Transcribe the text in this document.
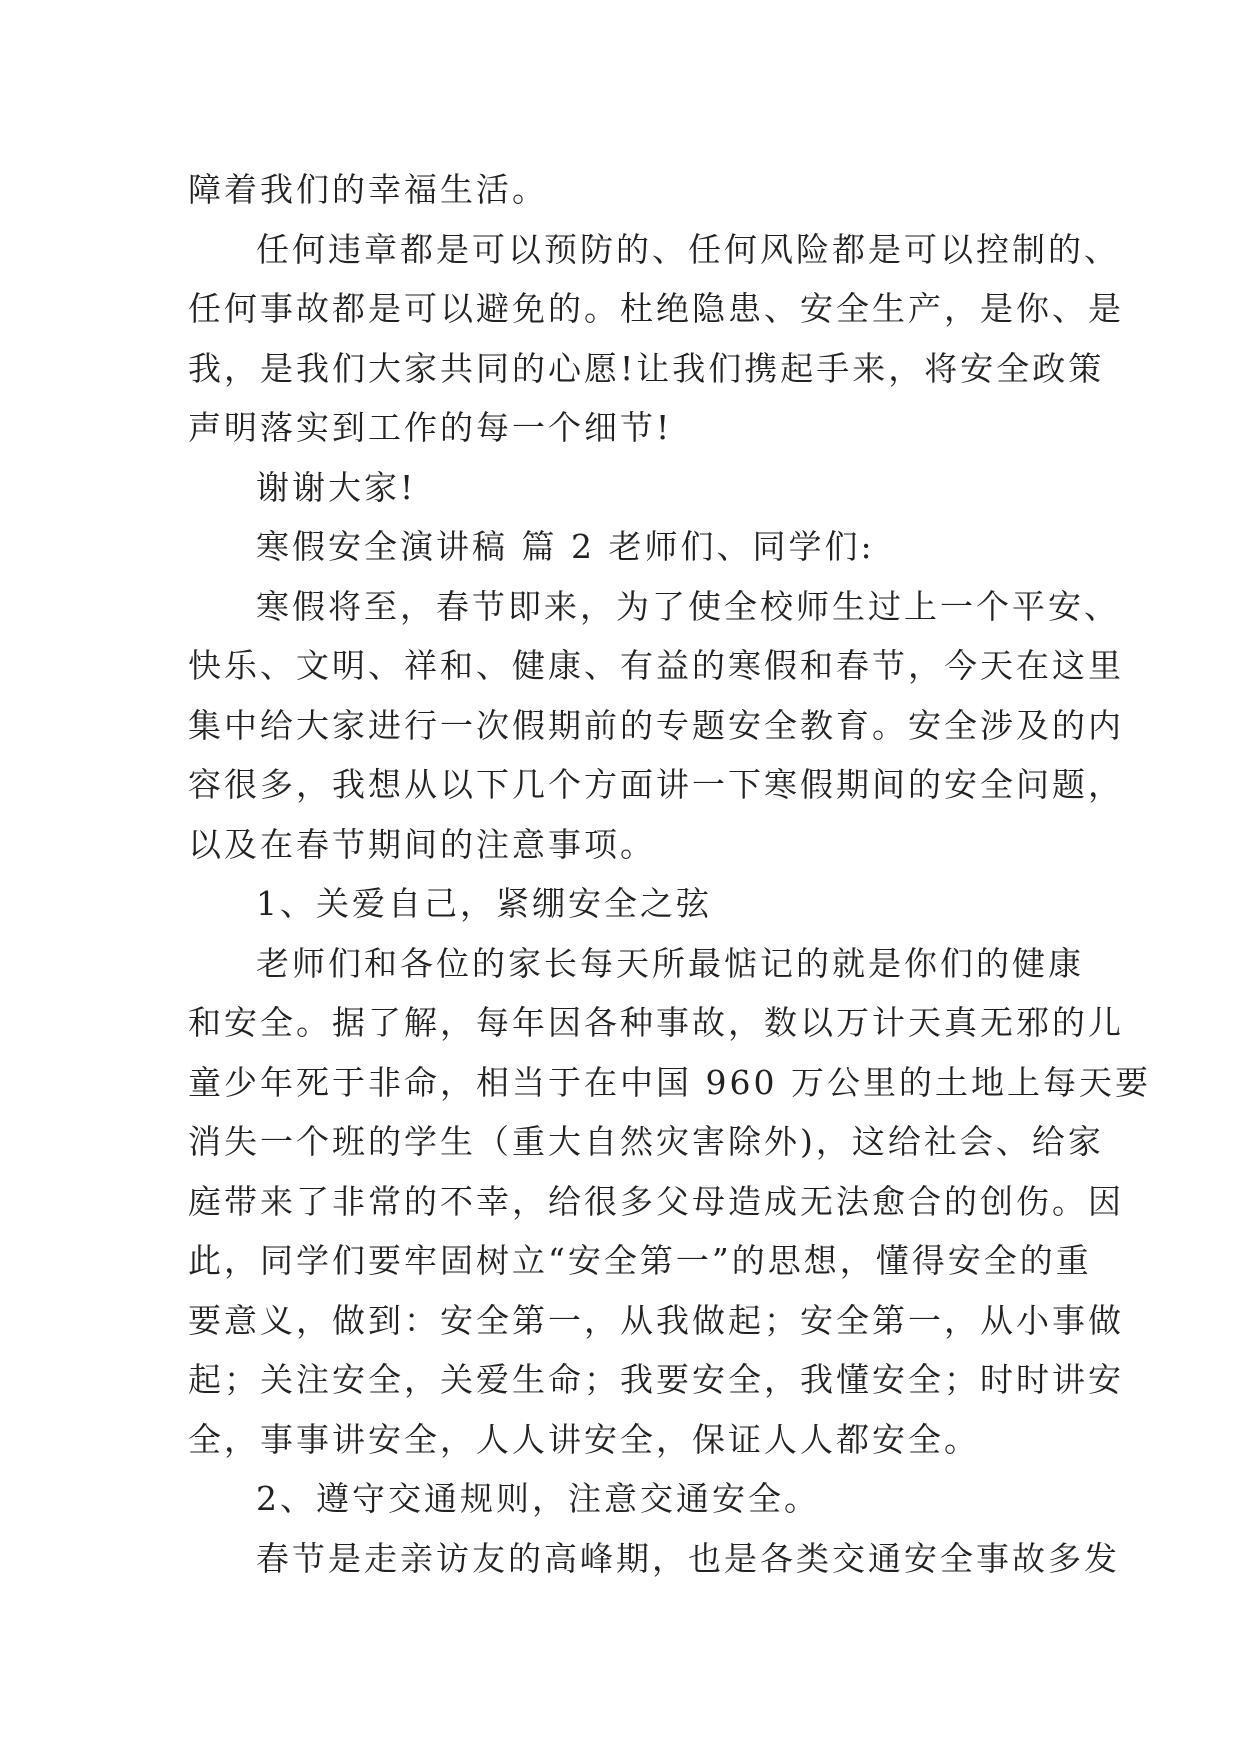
障着我们的幸福生活。
任何违章都是可以预防的、任何风险都是可以控制的、
任何事故都是可以避免的。杜绝隐患、安全生产，是你、是
我，是我们大家共同的心愿!让我们携起手来，将安全政策
声明落实到工作的每一个细节!
谢谢大家!
寒假安全演讲稿 篇 2 老师们、同学们:
寒假将至，春节即来，为了使全校师生过上一个平安、
快乐、文明、祥和、健康、有益的寒假和春节，今天在这里
集中给大家进行一次假期前的专题安全教育。安全涉及的内
容很多，我想从以下几个方面讲一下寒假期间的安全问题，
以及在春节期间的注意事项。
1、关爱自己，紧绷安全之弦
老师们和各位的家长每天所最惦记的就是你们的健康
和安全。据了解，每年因各种事故，数以万计天真无邪的儿
童少年死于非命，相当于在中国 960 万公里的土地上每天要
消失一个班的学生（重大自然灾害除外)，这给社会、给家
庭带来了非常的不幸，给很多父母造成无法愈合的创伤。因
此，同学们要牢固树立“安全第一”的思想，懂得安全的重
要意义，做到：安全第一，从我做起；安全第一，从小事做
起；关注安全，关爱生命；我要安全，我懂安全；时时讲安
全，事事讲安全，人人讲安全，保证人人都安全。
2、遵守交通规则，注意交通安全。
春节是走亲访友的高峰期，也是各类交通安全事故多发
